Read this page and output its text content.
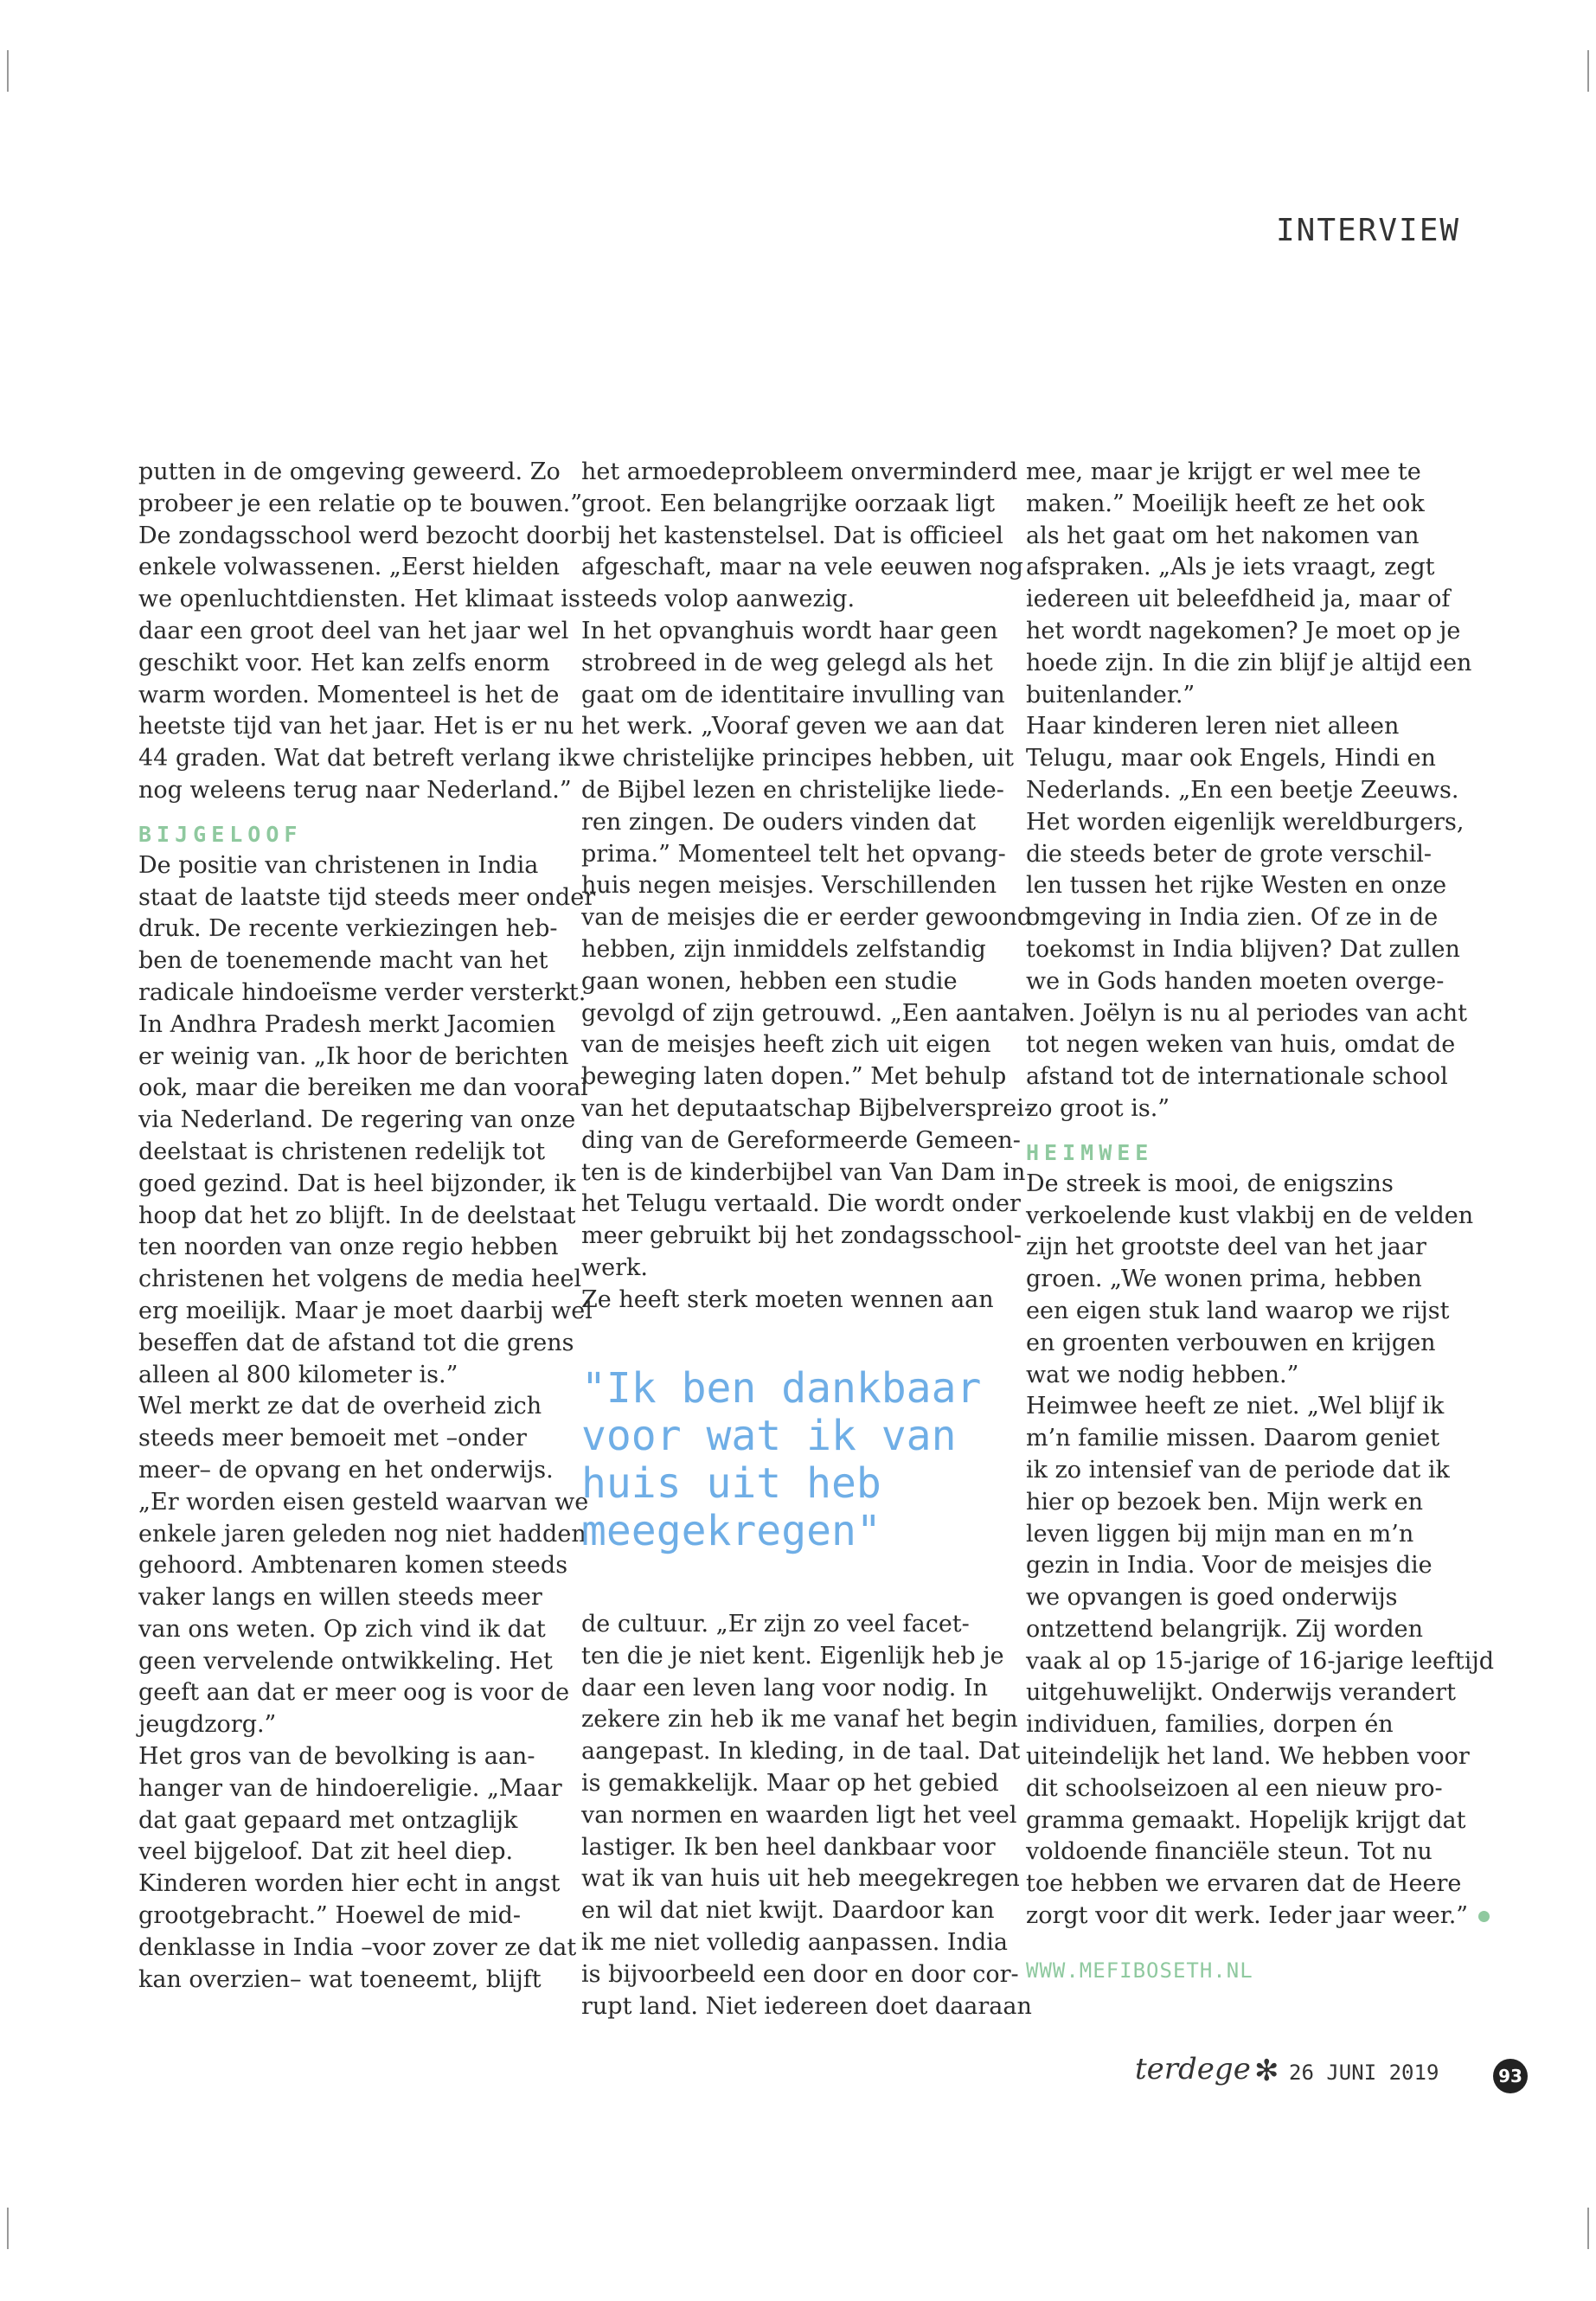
INTERVIEW
putten in de omgeving geweerd. Zo
probeer je een relatie op te bouwen.”
De zondagsschool werd bezocht door
enkele volwassenen. „Eerst hielden
we openluchtdiensten. Het klimaat is
daar een groot deel van het jaar wel
geschikt voor. Het kan zelfs enorm
warm worden. Momenteel is het de
heetste tijd van het jaar. Het is er nu
44 graden. Wat dat betreft verlang ik
nog weleens terug naar Nederland.”

BIJGELOOF

De positie van christenen in India
staat de laatste tijd steeds meer onder
druk. De recente verkiezingen heb-
ben de toenemende macht van het
radicale hindoeïsme verder versterkt.
In Andhra Pradesh merkt Jacomien
er weinig van. „Ik hoor de berichten
ook, maar die bereiken me dan vooral
via Nederland. De regering van onze
deelstaat is christenen redelijk tot
goed gezind. Dat is heel bijzonder, ik
hoop dat het zo blijft. In de deelstaat
ten noorden van onze regio hebben
christenen het volgens de media heel
erg moeilijk. Maar je moet daarbij wel
beseffen dat de afstand tot die grens
alleen al 800 kilometer is.”
Wel merkt ze dat de overheid zich
steeds meer bemoeit met –onder
meer– de opvang en het onderwijs.
„Er worden eisen gesteld waarvan we
enkele jaren geleden nog niet hadden
gehoord. Ambtenaren komen steeds
vaker langs en willen steeds meer
van ons weten. Op zich vind ik dat
geen vervelende ontwikkeling. Het
geeft aan dat er meer oog is voor de
jeugdzorg.”
Het gros van de bevolking is aan-
hanger van de hindoereligie. „Maar
dat gaat gepaard met ontzaglijk
veel bijgeloof. Dat zit heel diep.
Kinderen worden hier echt in angst
grootgebracht.” Hoewel de mid-
denklasse in India –voor zover ze dat
kan overzien– wat toeneemt, blijft
het armoedeprobleem onverminderd
groot. Een belangrijke oorzaak ligt
bij het kastenstelsel. Dat is officieel
afgeschaft, maar na vele eeuwen nog
steeds volop aanwezig.
In het opvanghuis wordt haar geen
strobreed in de weg gelegd als het
gaat om de identitaire invulling van
het werk. „Vooraf geven we aan dat
we christelijke principes hebben, uit
de Bijbel lezen en christelijke liede-
ren zingen. De ouders vinden dat
prima.” Momenteel telt het opvang-
huis negen meisjes. Verschillenden
van de meisjes die er eerder gewoond
hebben, zijn inmiddels zelfstandig
gaan wonen, hebben een studie
gevolgd of zijn getrouwd. „Een aantal
van de meisjes heeft zich uit eigen
beweging laten dopen.” Met behulp
van het deputaatschap Bijbelversprei-
ding van de Gereformeerde Gemeen-
ten is de kinderbijbel van Van Dam in
het Telugu vertaald. Die wordt onder
meer gebruikt bij het zondagsschool-
werk.
Ze heeft sterk moeten wennen aan
"Ik ben dankbaar
voor wat ik van
huis uit heb
meegekregen"
de cultuur. „Er zijn zo veel facet-
ten die je niet kent. Eigenlijk heb je
daar een leven lang voor nodig. In
zekere zin heb ik me vanaf het begin
aangepast. In kleding, in de taal. Dat
is gemakkelijk. Maar op het gebied
van normen en waarden ligt het veel
lastiger. Ik ben heel dankbaar voor
wat ik van huis uit heb meegekregen
en wil dat niet kwijt. Daardoor kan
ik me niet volledig aanpassen. India
is bijvoorbeeld een door en door cor-
rupt land. Niet iedereen doet daaraan
mee, maar je krijgt er wel mee te
maken.” Moeilijk heeft ze het ook
als het gaat om het nakomen van
afspraken. „Als je iets vraagt, zegt
iedereen uit beleefdheid ja, maar of
het wordt nagekomen? Je moet op je
hoede zijn. In die zin blijf je altijd een
buitenlander.”
Haar kinderen leren niet alleen
Telugu, maar ook Engels, Hindi en
Nederlands. „En een beetje Zeeuws.
Het worden eigenlijk wereldburgers,
die steeds beter de grote verschil-
len tussen het rijke Westen en onze
omgeving in India zien. Of ze in de
toekomst in India blijven? Dat zullen
we in Gods handen moeten overge-
ven. Joëlyn is nu al periodes van acht
tot negen weken van huis, omdat de
afstand tot de internationale school
zo groot is.”

HEIMWEE

De streek is mooi, de enigszins
verkoelende kust vlakbij en de velden
zijn het grootste deel van het jaar
groen. „We wonen prima, hebben
een eigen stuk land waarop we rijst
en groenten verbouwen en krijgen
wat we nodig hebben.”
Heimwee heeft ze niet. „Wel blijf ik
m’n familie missen. Daarom geniet
ik zo intensief van de periode dat ik
hier op bezoek ben. Mijn werk en
leven liggen bij mijn man en m’n
gezin in India. Voor de meisjes die
we opvangen is goed onderwijs
ontzettend belangrijk. Zij worden
vaak al op 15-jarige of 16-jarige leeftijd
uitgehuwelijkt. Onderwijs verandert
individuen, families, dorpen én
uiteindelijk het land. We hebben voor
dit schoolseizoen al een nieuw pro-
gramma gemaakt. Hopelijk krijgt dat
voldoende financiële steun. Tot nu
toe hebben we ervaren dat de Heere
zorgt voor dit werk. Ieder jaar weer.”

WWW.MEFIBOSETH.NL

terdege ✻ 26 JUNI 2019	93
